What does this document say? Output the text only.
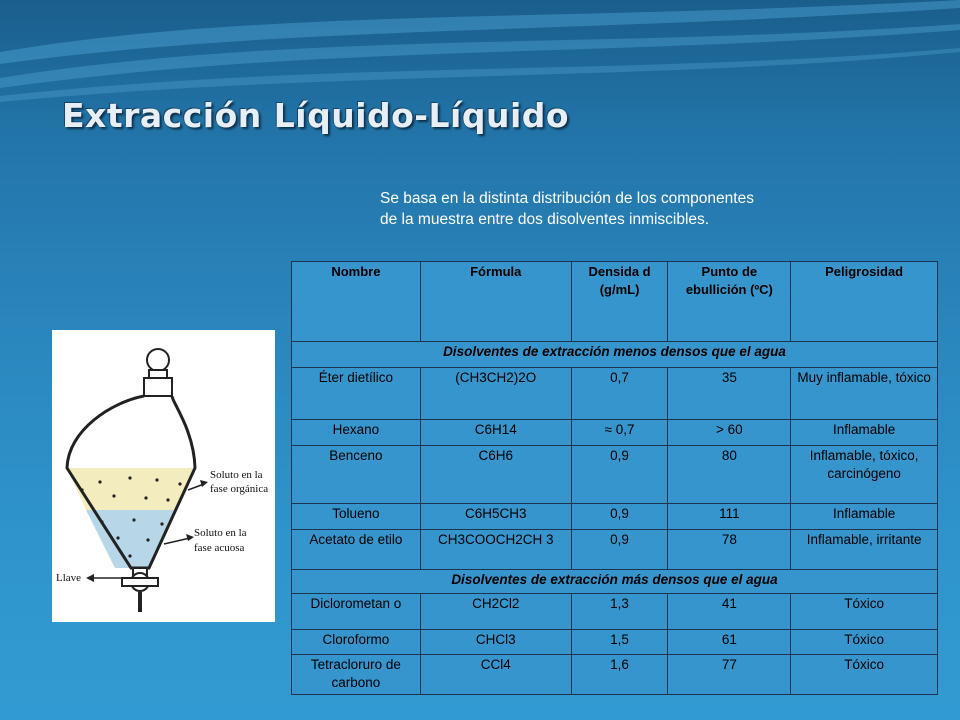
Extracción Líquido-Líquido
Se basa en la distinta distribución de los componentes
de la muestra entre dos disolventes inmiscibles.
Soluto en la
fase orgánica
Soluto en la
fase acuosa
Llave
Nombre	Fórmula	Densida d (g/mL)	Punto de ebullición (ºC)	Peligrosidad
Disolventes de extracción menos densos que el agua				
Éter dietílico	(CH3CH2)2O	0,7	35	Muy inflamable, tóxico
Hexano	C6H14	≈ 0,7	> 60	Inflamable
Benceno	C6H6	0,9	80	Inflamable, tóxico, carcinógeno
Tolueno	C6H5CH3	0,9	111	Inflamable
Acetato de etilo	CH3COOCH2CH 3	0,9	78	Inflamable, irritante
Disolventes de extracción más densos que el agua				
Diclorometan o	CH2Cl2	1,3	41	Tóxico
Cloroformo	CHCl3	1,5	61	Tóxico
Tetracloruro de carbono	CCl4	1,6	77	Tóxico
